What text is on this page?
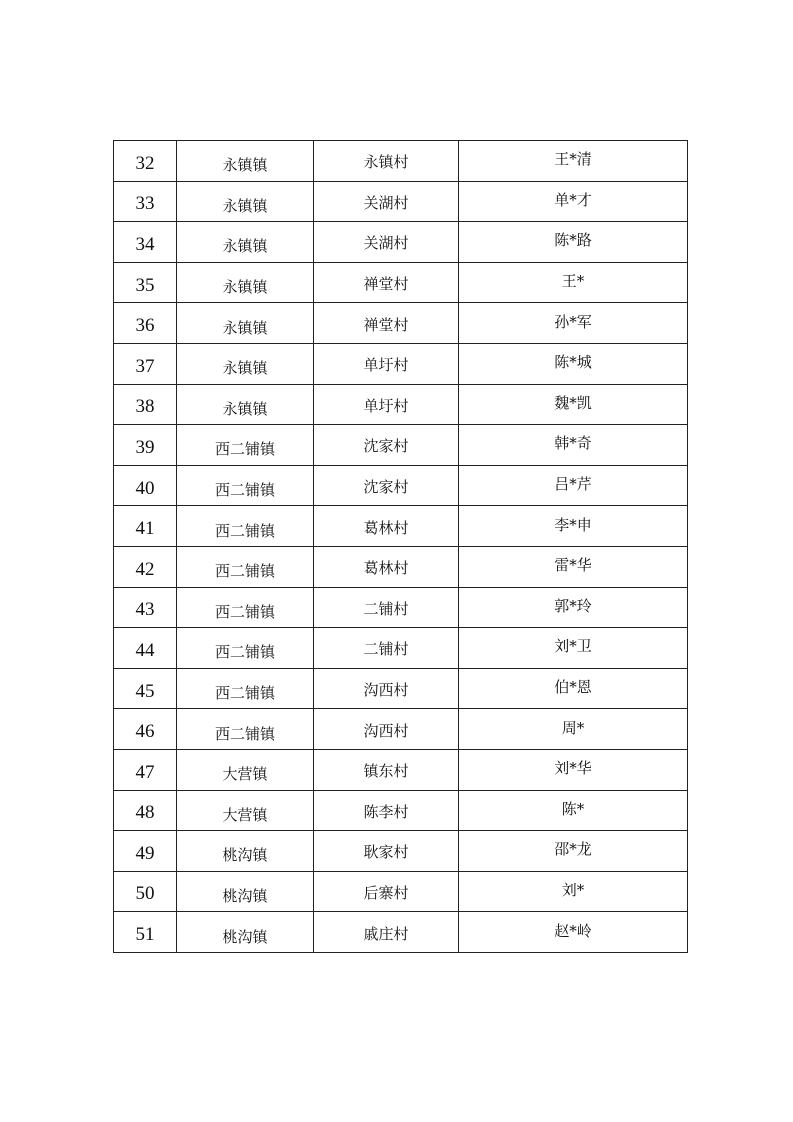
32	永镇镇	永镇村	王*清
33	永镇镇	关湖村	单*才
34	永镇镇	关湖村	陈*路
35	永镇镇	禅堂村	王*
36	永镇镇	禅堂村	孙*军
37	永镇镇	单圩村	陈*城
38	永镇镇	单圩村	魏*凯
39	西二铺镇	沈家村	韩*奇
40	西二铺镇	沈家村	吕*芹
41	西二铺镇	葛林村	李*申
42	西二铺镇	葛林村	雷*华
43	西二铺镇	二铺村	郭*玲
44	西二铺镇	二铺村	刘*卫
45	西二铺镇	沟西村	伯*恩
46	西二铺镇	沟西村	周*
47	大营镇	镇东村	刘*华
48	大营镇	陈李村	陈*
49	桃沟镇	耿家村	邵*龙
50	桃沟镇	后寨村	刘*
51	桃沟镇	戚庄村	赵*岭
